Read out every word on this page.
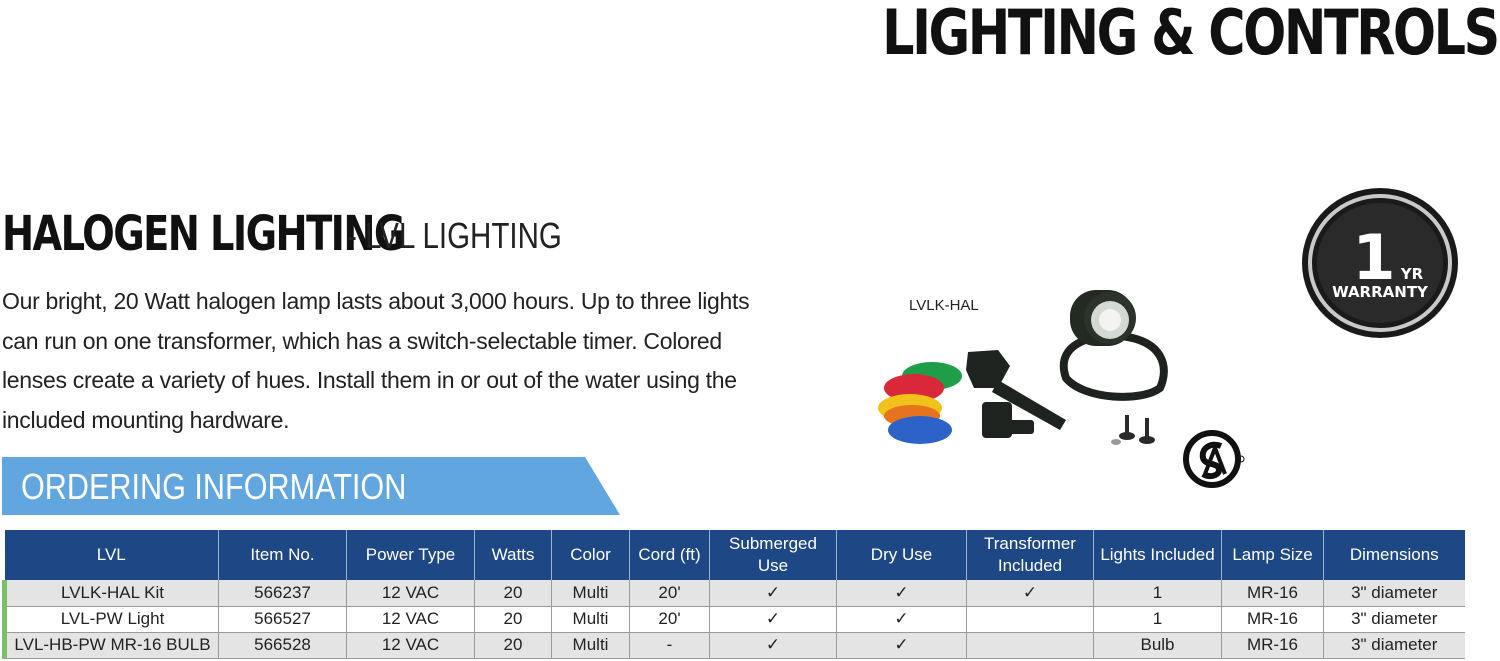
LIGHTING & CONTROLS
HALOGEN LIGHTING
- LVL LIGHTING

Our bright, 20 Watt halogen lamp lasts about 3,000 hours. Up to three lights can run on one transformer, which has a switch-selectable timer. Colored lenses create a variety of hues. Install them in or out of the water using the included mounting hardware.

LVLK-HAL
1 YR
WARRANTY
ORDERING INFORMATION
LVL	Item No.	Power Type	Watts	Color	Cord (ft)	Submerged Use	Dry Use	Transformer Included	Lights Included	Lamp Size	Dimensions
LVLK-HAL Kit	566237	12 VAC	20	Multi	20'	✓	✓	✓	1	MR-16	3" diameter
LVL-PW Light	566527	12 VAC	20	Multi	20'	✓	✓		1	MR-16	3" diameter
LVL-HB-PW MR-16 BULB	566528	12 VAC	20	Multi	-	✓	✓		Bulb	MR-16	3" diameter
